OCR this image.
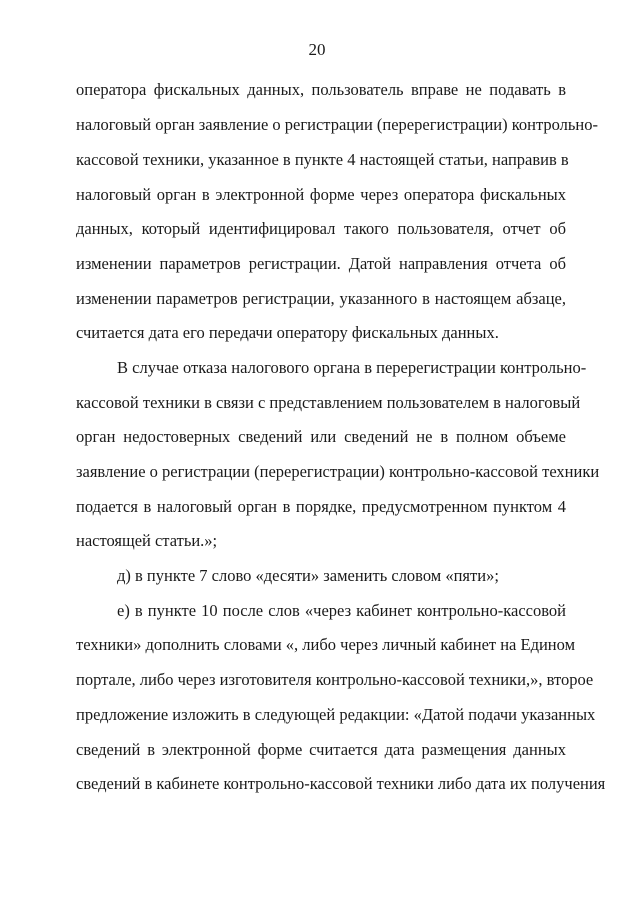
20
оператора фискальных данных, пользователь вправе не подавать в
налоговый орган заявление о регистрации (перерегистрации) контрольно-
кассовой техники, указанное в пункте 4 настоящей статьи, направив в
налоговый орган в электронной форме через оператора фискальных
данных, который идентифицировал такого пользователя, отчет об
изменении параметров регистрации. Датой направления отчета об
изменении параметров регистрации, указанного в настоящем абзаце,
считается дата его передачи оператору фискальных данных.
В случае отказа налогового органа в перерегистрации контрольно-
кассовой техники в связи с представлением пользователем в налоговый
орган недостоверных сведений или сведений не в полном объеме
заявление о регистрации (перерегистрации) контрольно-кассовой техники
подается в налоговый орган в порядке, предусмотренном пунктом 4
настоящей статьи.»;
д) в пункте 7 слово «десяти» заменить словом «пяти»;
е) в пункте 10 после слов «через кабинет контрольно-кассовой
техники» дополнить словами «, либо через личный кабинет на Едином
портале, либо через изготовителя контрольно-кассовой техники,», второе
предложение изложить в следующей редакции: «Датой подачи указанных
сведений в электронной форме считается дата размещения данных
сведений в кабинете контрольно-кассовой техники либо дата их получения
